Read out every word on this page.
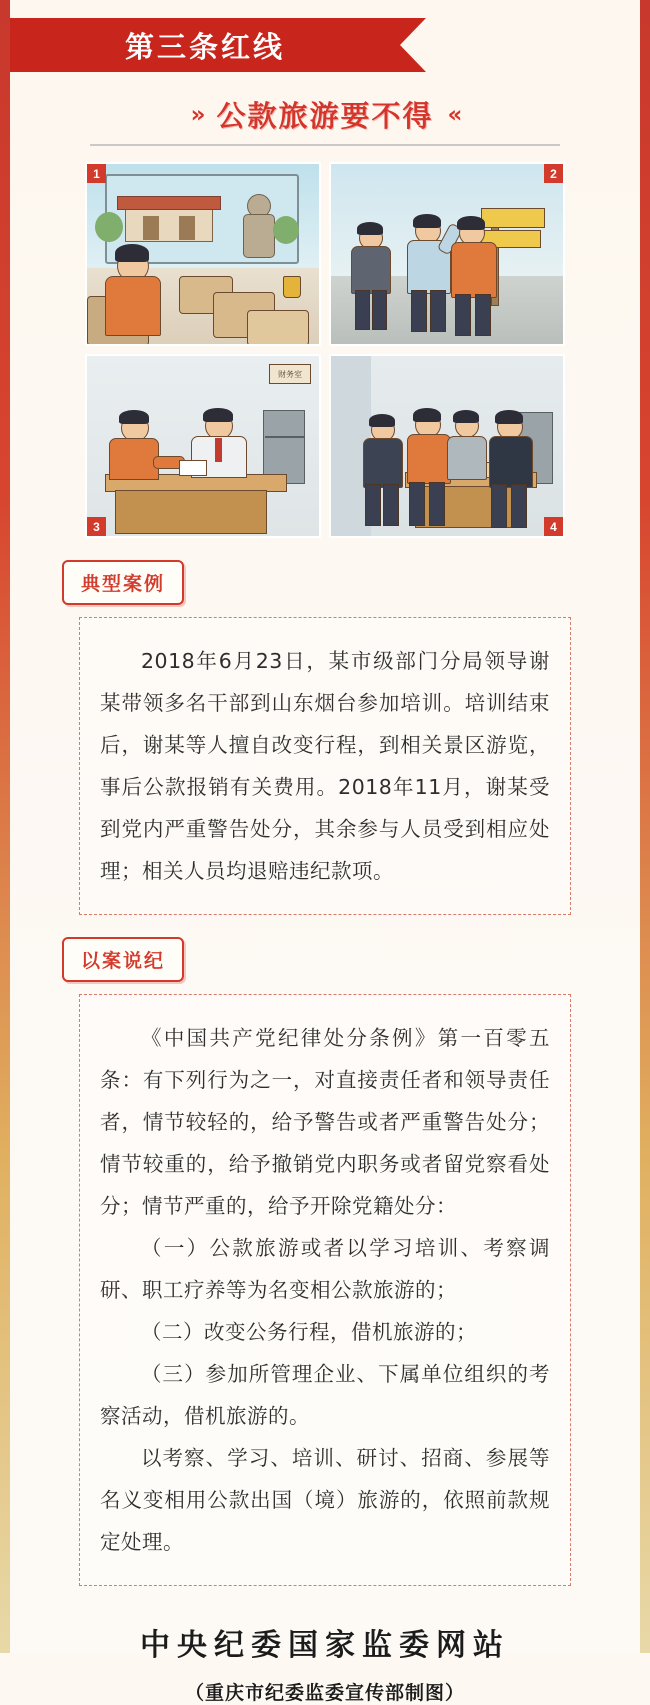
第三条红线
» 公款旅游要不得 «
1	2
3
财务室
4
典型案例

2018年6月23日，某市级部门分局领导谢某带领多名干部到山东烟台参加培训。培训结束后，谢某等人擅自改变行程，到相关景区游览，事后公款报销有关费用。2018年11月，谢某受到党内严重警告处分，其余参与人员受到相应处理；相关人员均退赔违纪款项。

以案说纪

《中国共产党纪律处分条例》第一百零五条：有下列行为之一，对直接责任者和领导责任者，情节较轻的，给予警告或者严重警告处分；情节较重的，给予撤销党内职务或者留党察看处分；情节严重的，给予开除党籍处分：

（一）公款旅游或者以学习培训、考察调研、职工疗养等为名变相公款旅游的；

（二）改变公务行程，借机旅游的；

（三）参加所管理企业、下属单位组织的考察活动，借机旅游的。

以考察、学习、培训、研讨、招商、参展等名义变相用公款出国（境）旅游的，依照前款规定处理。

中央纪委国家监委网站
（重庆市纪委监委宣传部制图）
